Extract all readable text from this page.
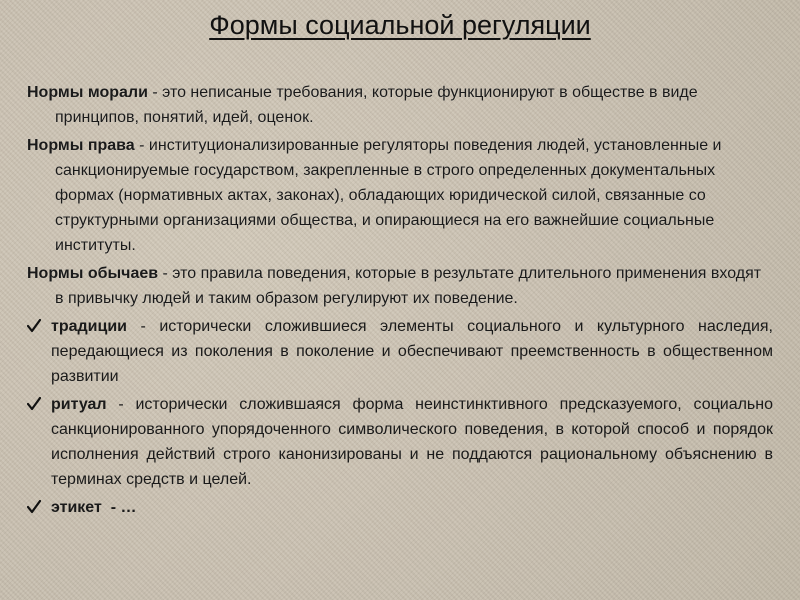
Формы социальной регуляции

Нормы морали - это неписаные требования, которые функционируют в обществе в виде принципов, понятий, идей, оценок.

Нормы права - институционализированные регуляторы поведения людей, установленные и санкционируемые государством, закрепленные в строго определенных документальных формах (нормативных актах, законах), обладающих юридической силой, связанные со структурными организациями общества, и опирающиеся на его важнейшие социальные институты.

Нормы обычаев - это правила поведения, которые в результате длительного применения входят в привычку людей и таким образом регулируют их поведение.

традиции - исторически сложившиеся элементы социального и культурного наследия, передающиеся из поколения в поколение и обеспечивают преемственность в общественном развитии
ритуал - исторически сложившаяся форма неинстинктивного предсказуемого, социально санкционированного упорядоченного символического поведения, в которой способ и порядок исполнения действий строго канонизированы и не поддаются рациональному объяснению в терминах средств и целей.
этикет  - …
